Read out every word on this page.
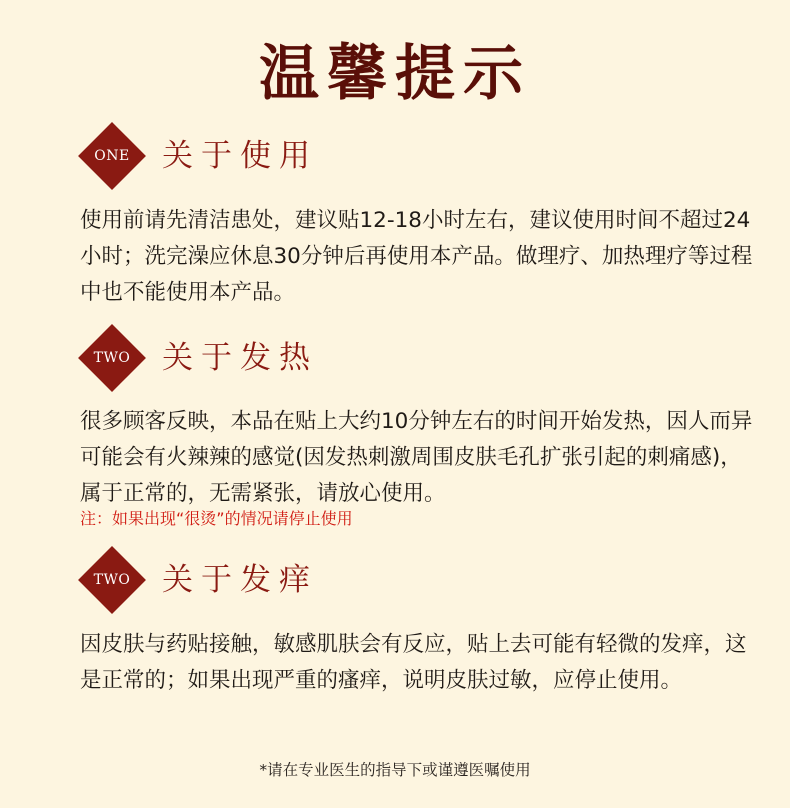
温馨提示
ONE	关于使用

使用前请先清洁患处，建议贴12-18小时左右，建议使用时间不超过24小时；洗完澡应休息30分钟后再使用本产品。做理疗、加热理疗等过程中也不能使用本产品。

TWO	关于发热

很多顾客反映，本品在贴上大约10分钟左右的时间开始发热，因人而异可能会有火辣辣的感觉(因发热刺激周围皮肤毛孔扩张引起的刺痛感)，属于正常的，无需紧张，请放心使用。

注：如果出现“很烫”的情况请停止使用

TWO	关于发痒

因皮肤与药贴接触，敏感肌肤会有反应，贴上去可能有轻微的发痒，这是正常的；如果出现严重的瘙痒，说明皮肤过敏，应停止使用。

*请在专业医生的指导下或谨遵医嘱使用
